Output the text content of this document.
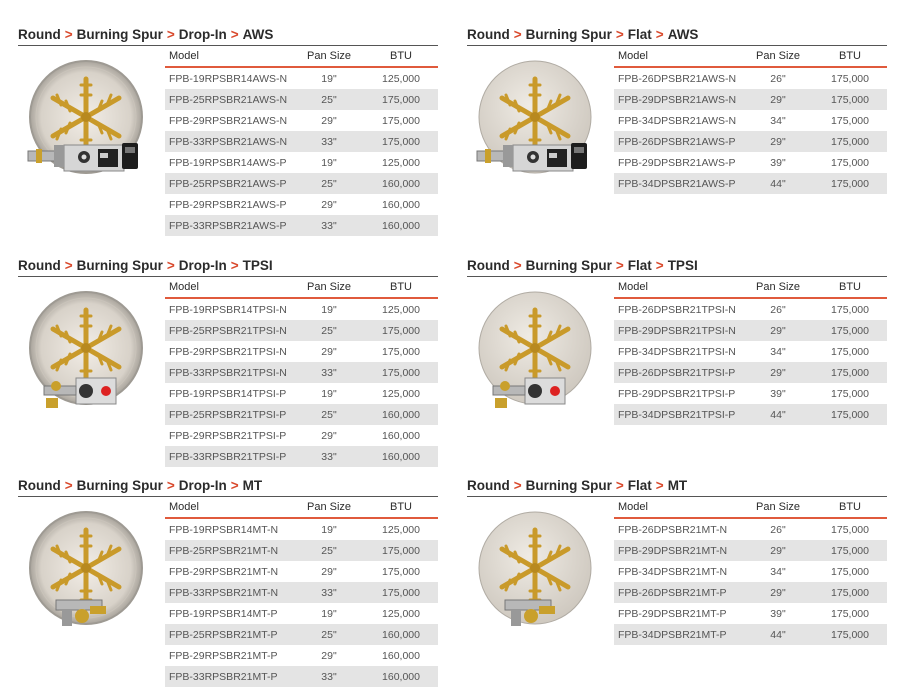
Round > Burning Spur > Drop-In > AWS
Model	Pan Size	BTU
FPB-19RPSBR14AWS-N	19"	125,000
FPB-25RPSBR21AWS-N	25"	175,000
FPB-29RPSBR21AWS-N	29"	175,000
FPB-33RPSBR21AWS-N	33"	175,000
FPB-19RPSBR14AWS-P	19"	125,000
FPB-25RPSBR21AWS-P	25"	160,000
FPB-29RPSBR21AWS-P	29"	160,000
FPB-33RPSBR21AWS-P	33"	160,000
Round > Burning Spur > Flat > AWS
Model	Pan Size	BTU
FPB-26DPSBR21AWS-N	26"	175,000
FPB-29DPSBR21AWS-N	29"	175,000
FPB-34DPSBR21AWS-N	34"	175,000
FPB-26DPSBR21AWS-P	29"	175,000
FPB-29DPSBR21AWS-P	39"	175,000
FPB-34DPSBR21AWS-P	44"	175,000
Round > Burning Spur > Drop-In > TPSI
Model	Pan Size	BTU
FPB-19RPSBR14TPSI-N	19"	125,000
FPB-25RPSBR21TPSI-N	25"	175,000
FPB-29RPSBR21TPSI-N	29"	175,000
FPB-33RPSBR21TPSI-N	33"	175,000
FPB-19RPSBR14TPSI-P	19"	125,000
FPB-25RPSBR21TPSI-P	25"	160,000
FPB-29RPSBR21TPSI-P	29"	160,000
FPB-33RPSBR21TPSI-P	33"	160,000
Round > Burning Spur > Flat > TPSI
Model	Pan Size	BTU
FPB-26DPSBR21TPSI-N	26"	175,000
FPB-29DPSBR21TPSI-N	29"	175,000
FPB-34DPSBR21TPSI-N	34"	175,000
FPB-26DPSBR21TPSI-P	29"	175,000
FPB-29DPSBR21TPSI-P	39"	175,000
FPB-34DPSBR21TPSI-P	44"	175,000
Round > Burning Spur > Drop-In > MT
Model	Pan Size	BTU
FPB-19RPSBR14MT-N	19"	125,000
FPB-25RPSBR21MT-N	25"	175,000
FPB-29RPSBR21MT-N	29"	175,000
FPB-33RPSBR21MT-N	33"	175,000
FPB-19RPSBR14MT-P	19"	125,000
FPB-25RPSBR21MT-P	25"	160,000
FPB-29RPSBR21MT-P	29"	160,000
FPB-33RPSBR21MT-P	33"	160,000
Round > Burning Spur > Flat > MT
Model	Pan Size	BTU
FPB-26DPSBR21MT-N	26"	175,000
FPB-29DPSBR21MT-N	29"	175,000
FPB-34DPSBR21MT-N	34"	175,000
FPB-26DPSBR21MT-P	29"	175,000
FPB-29DPSBR21MT-P	39"	175,000
FPB-34DPSBR21MT-P	44"	175,000
